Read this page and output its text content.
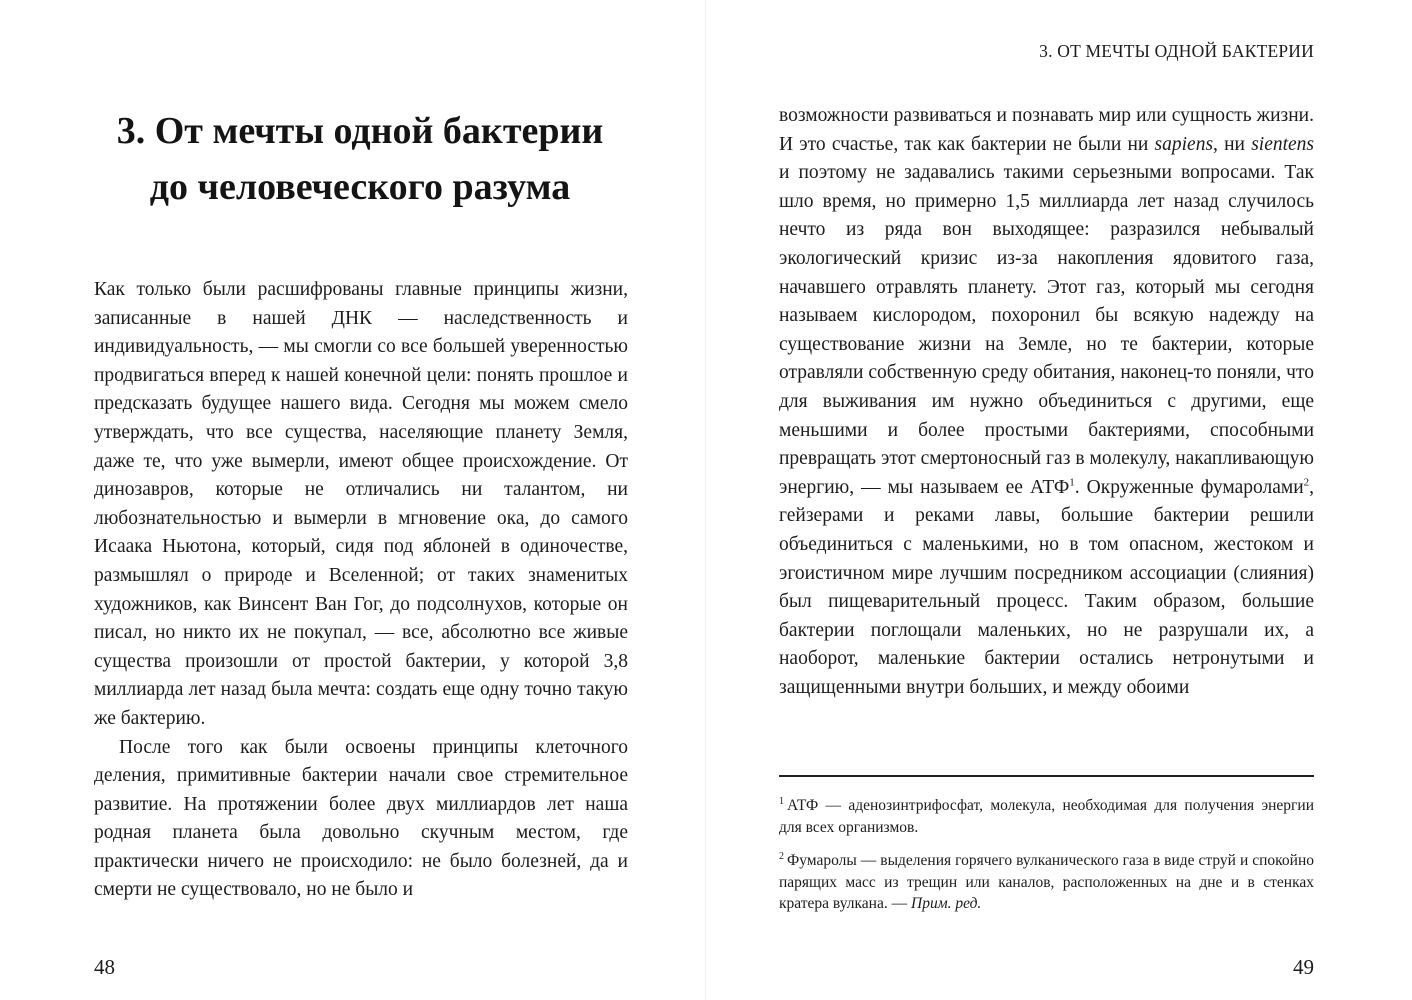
3. От мечты одной бактерии
до человеческого разума

Как только были расшифрованы главные принципы жизни, записанные в нашей ДНК — наследственность и индивидуальность, — мы смогли со все большей уверенностью продвигаться вперед к нашей конечной цели: понять прошлое и предсказать будущее нашего вида. Сегодня мы можем смело утверждать, что все существа, населяющие планету Земля, даже те, что уже вымерли, имеют общее происхождение. От динозавров, которые не отличались ни талантом, ни любознательностью и вымерли в мгновение ока, до самого Исаака Ньютона, который, сидя под яблоней в одиночестве, размышлял о природе и Вселенной; от таких знаменитых художников, как Винсент Ван Гог, до подсолнухов, которые он писал, но никто их не покупал, — все, абсолютно все живые существа произошли от простой бактерии, у которой 3,8 миллиарда лет назад была мечта: создать еще одну точно такую же бактерию.

После того как были освоены принципы клеточного деления, примитивные бактерии начали свое стремительное развитие. На протяжении более двух миллиардов лет наша родная планета была довольно скучным местом, где практически ничего не происходило: не было болезней, да и смерти не существовало, но не было и

48
3. ОТ МЕЧТЫ ОДНОЙ БАКТЕРИИ

возможности развиваться и познавать мир или сущность жизни. И это счастье, так как бактерии не были ни sapiens, ни sientens и поэтому не задавались такими серьезными вопросами. Так шло время, но примерно 1,5 миллиарда лет назад случилось нечто из ряда вон выходящее: разразился небывалый экологический кризис из-за накопления ядовитого газа, начавшего отравлять планету. Этот газ, который мы сегодня называем кислородом, похоронил бы всякую надежду на существование жизни на Земле, но те бактерии, которые отравляли собственную среду обитания, наконец-то поняли, что для выживания им нужно объединиться с другими, еще меньшими и более простыми бактериями, способными превращать этот смертоносный газ в молекулу, накапливающую энергию, — мы называем ее АТФ$^1$. Окруженные фумаролами$^2$, гейзерами и реками лавы, большие бактерии решили объединиться с маленькими, но в том опасном, жестоком и эгоистичном мире лучшим посредником ассоциации (слияния) был пищеварительный процесс. Таким образом, большие бактерии поглощали маленьких, но не разрушали их, а наоборот, маленькие бактерии остались нетронутыми и защищенными внутри больших, и между обоими

$^1$ АТФ — аденозинтрифосфат, молекула, необходимая для получения энергии для всех организмов.

$^2$ Фумаролы — выделения горячего вулканического газа в виде струй и спокойно парящих масс из трещин или каналов, расположенных на дне и в стенках кратера вулкана. — Прим. ред.

49
